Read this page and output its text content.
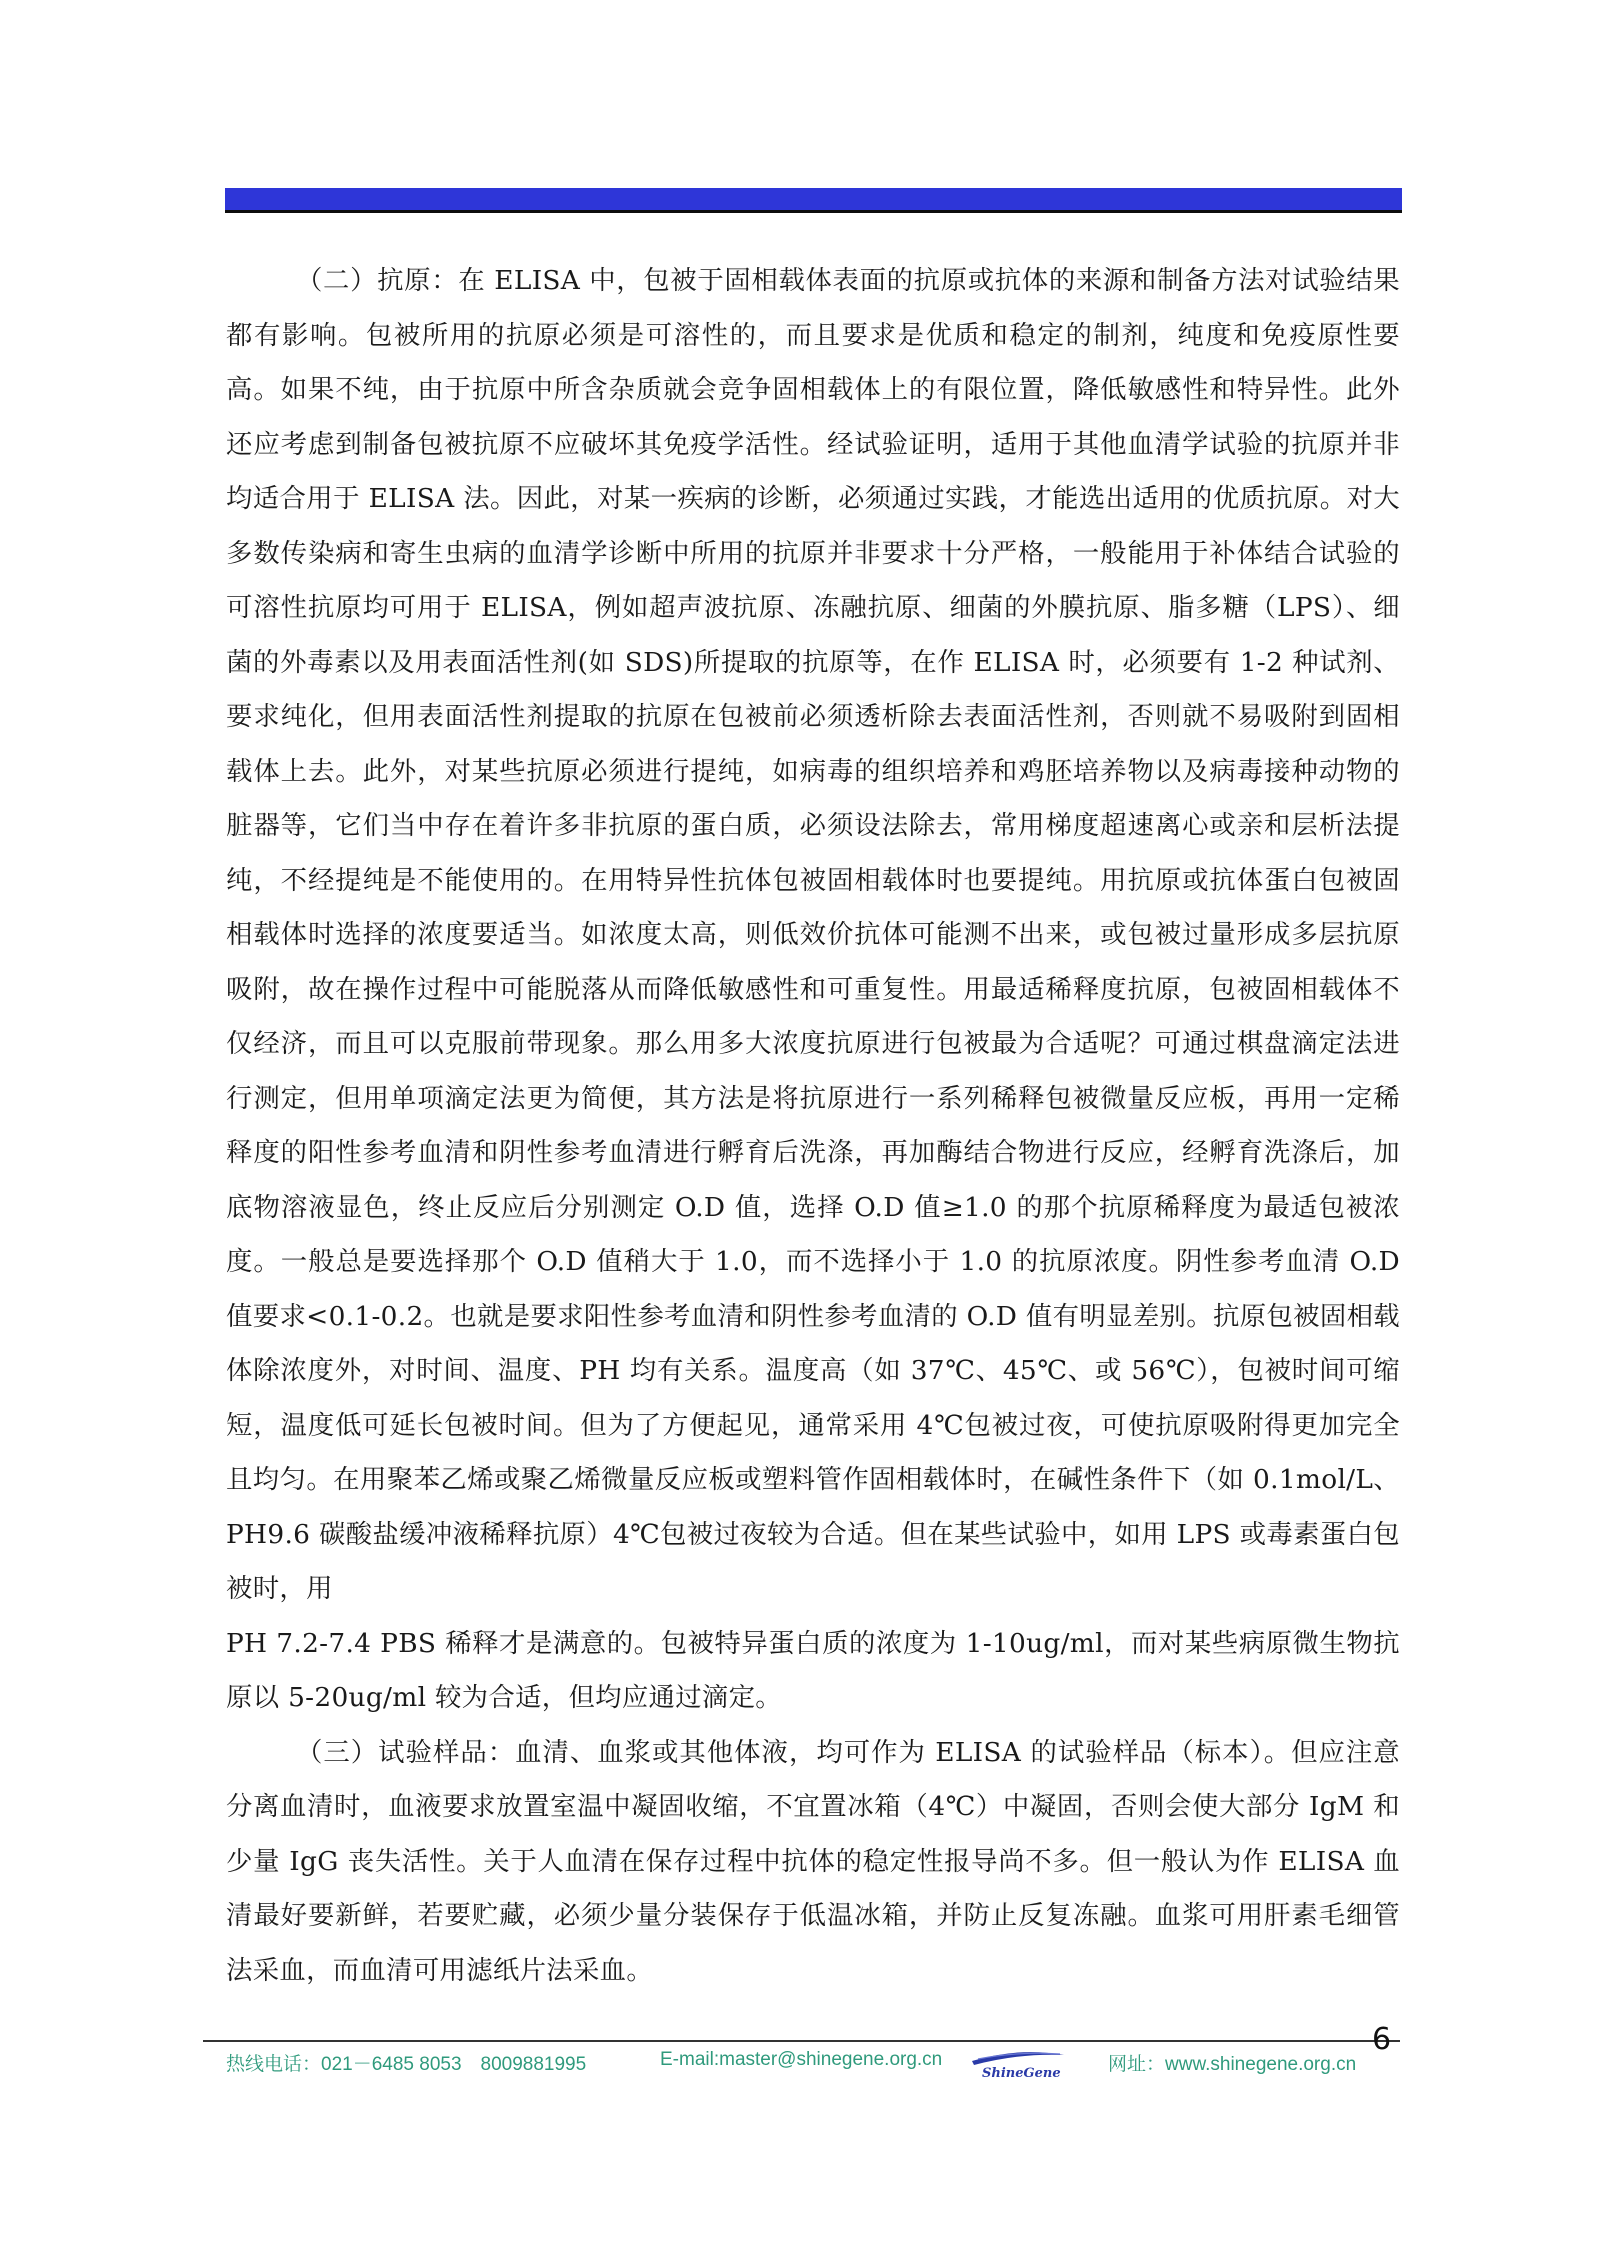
（二）抗原：在 ELISA 中，包被于固相载体表面的抗原或抗体的来源和制备方法对试验结果都有影响。包被所用的抗原必须是可溶性的，而且要求是优质和稳定的制剂，纯度和免疫原性要高。如果不纯，由于抗原中所含杂质就会竞争固相载体上的有限位置，降低敏感性和特异性。此外还应考虑到制备包被抗原不应破坏其免疫学活性。经试验证明，适用于其他血清学试验的抗原并非均适合用于 ELISA 法。因此，对某一疾病的诊断，必须通过实践，才能选出适用的优质抗原。对大多数传染病和寄生虫病的血清学诊断中所用的抗原并非要求十分严格，一般能用于补体结合试验的可溶性抗原均可用于 ELISA，例如超声波抗原、冻融抗原、细菌的外膜抗原、脂多糖（LPS）、细菌的外毒素以及用表面活性剂(如 SDS)所提取的抗原等，在作 ELISA 时，必须要有 1-2 种试剂、要求纯化，但用表面活性剂提取的抗原在包被前必须透析除去表面活性剂，否则就不易吸附到固相载体上去。此外，对某些抗原必须进行提纯，如病毒的组织培养和鸡胚培养物以及病毒接种动物的脏器等，它们当中存在着许多非抗原的蛋白质，必须设法除去，常用梯度超速离心或亲和层析法提纯，不经提纯是不能使用的。在用特异性抗体包被固相载体时也要提纯。用抗原或抗体蛋白包被固相载体时选择的浓度要适当。如浓度太高，则低效价抗体可能测不出来，或包被过量形成多层抗原吸附，故在操作过程中可能脱落从而降低敏感性和可重复性。用最适稀释度抗原，包被固相载体不仅经济，而且可以克服前带现象。那么用多大浓度抗原进行包被最为合适呢？可通过棋盘滴定法进行测定，但用单项滴定法更为简便，其方法是将抗原进行一系列稀释包被微量反应板，再用一定稀释度的阳性参考血清和阴性参考血清进行孵育后洗涤，再加酶结合物进行反应，经孵育洗涤后，加底物溶液显色，终止反应后分别测定 O.D 值，选择 O.D 值≥1.0 的那个抗原稀释度为最适包被浓度。一般总是要选择那个 O.D 值稍大于 1.0，而不选择小于 1.0 的抗原浓度。阴性参考血清 O.D 值要求<0.1-0.2。也就是要求阳性参考血清和阴性参考血清的 O.D 值有明显差别。抗原包被固相载体除浓度外，对时间、温度、PH 均有关系。温度高（如 37℃、45℃、或 56℃），包被时间可缩短，温度低可延长包被时间。但为了方便起见，通常采用 4℃包被过夜，可使抗原吸附得更加完全且均匀。在用聚苯乙烯或聚乙烯微量反应板或塑料管作固相载体时，在碱性条件下（如 0.1mol/L、PH9.6 碳酸盐缓冲液稀释抗原）4℃包被过夜较为合适。但在某些试验中，如用 LPS 或毒素蛋白包被时，用

PH 7.2-7.4 PBS 稀释才是满意的。包被特异蛋白质的浓度为 1-10ug/ml，而对某些病原微生物抗原以 5-20ug/ml 较为合适，但均应通过滴定。

（三）试验样品：血清、血浆或其他体液，均可作为 ELISA 的试验样品（标本）。但应注意分离血清时，血液要求放置室温中凝固收缩，不宜置冰箱（4℃）中凝固，否则会使大部分 IgM 和少量 IgG 丧失活性。关于人血清在保存过程中抗体的稳定性报导尚不多。但一般认为作 ELISA 血清最好要新鲜，若要贮藏，必须少量分装保存于低温冰箱，并防止反复冻融。血浆可用肝素毛细管法采血，而血清可用滤纸片法采血。

6
热线电话：021－6485 8053　8009881995	E-mail:master@shinegene.org.cn	网址：www.shinegene.org.cn
ShineGene
